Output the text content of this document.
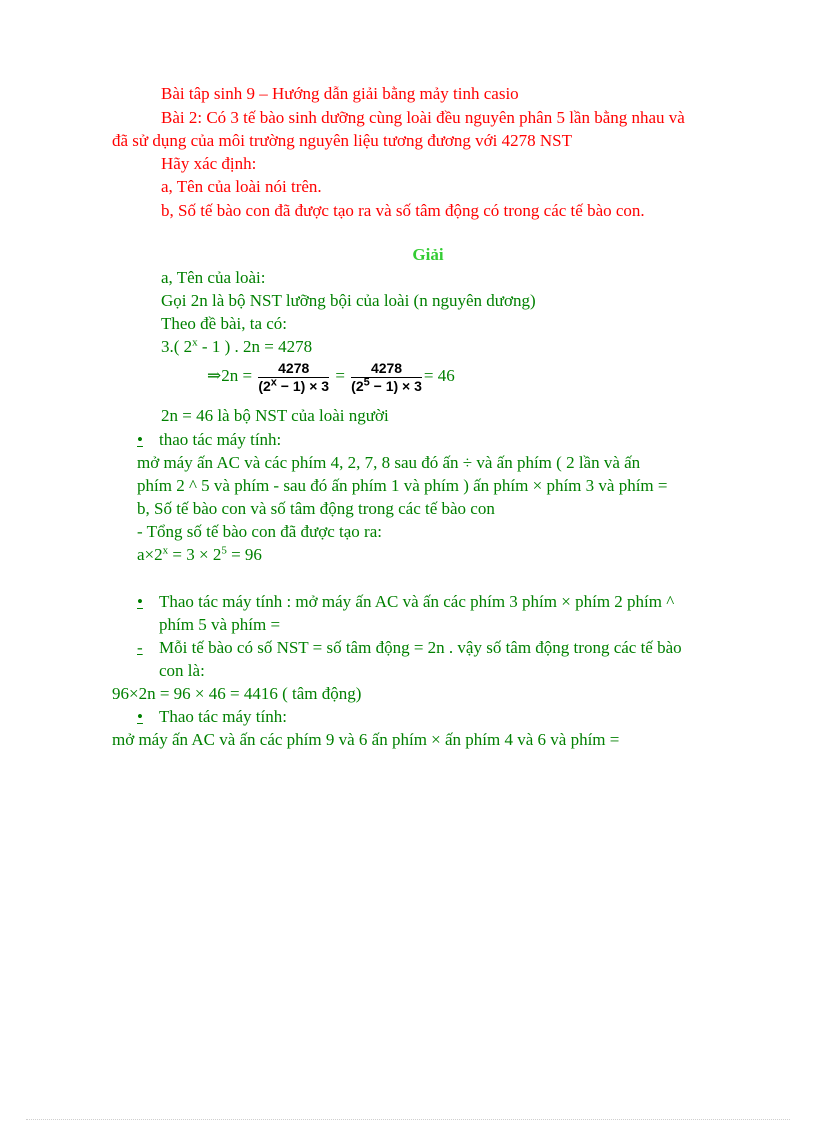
Bài tâp sinh 9 – Hướng dẫn giải bằng mảy tinh casio
Bài 2: Có 3 tế bào sinh dưỡng cùng loài đều nguyên phân 5 lần bằng nhau và
đã sử dụng của môi trường nguyên liệu tương đương với 4278 NST
Hãy xác định:
a, Tên của loài nói trên.
b, Số tế bào con đã được tạo ra và số tâm động có trong các tế bào con.
Giải
a, Tên của loài:
Gọi 2n là bộ NST lưỡng bội của loài (n nguyên dương)
Theo đề bài, ta có:
3.( 2$^x$ - 1 ) . 2n = 4278
⇒2n = $\frac{4278}{(2^x - 1) \times 3} = \frac{4278}{(2^5 - 1) \times 3} = 46$
2n = 46 là bộ NST của loài người
• thao tác máy tính:
mở máy ấn AC và các phím 4, 2, 7, 8 sau đó ấn ÷ và ấn phím ( 2 lần và ấn
phím 2 ^ 5 và phím - sau đó ấn phím 1 và phím ) ấn phím × phím 3 và phím =
b, Số tế bào con và số tâm động trong các tế bào con
- Tổng số tế bào con đã được tạo ra:
$a\times 2^x = 3 \times 2^5 = 96$
• Thao tác máy tính : mở máy ấn AC và ấn các phím 3 phím × phím 2 phím ^
phím 5 và phím =
- Mỗi tế bào có số NST = số tâm động = 2n . vậy số tâm động trong các tế bào
con là:
96×2n = 96 × 46 = 4416 ( tâm động)
• Thao tác máy tính:
mở máy ấn AC và ấn các phím 9 và 6 ấn phím × ấn phím 4 và 6 và phím =
